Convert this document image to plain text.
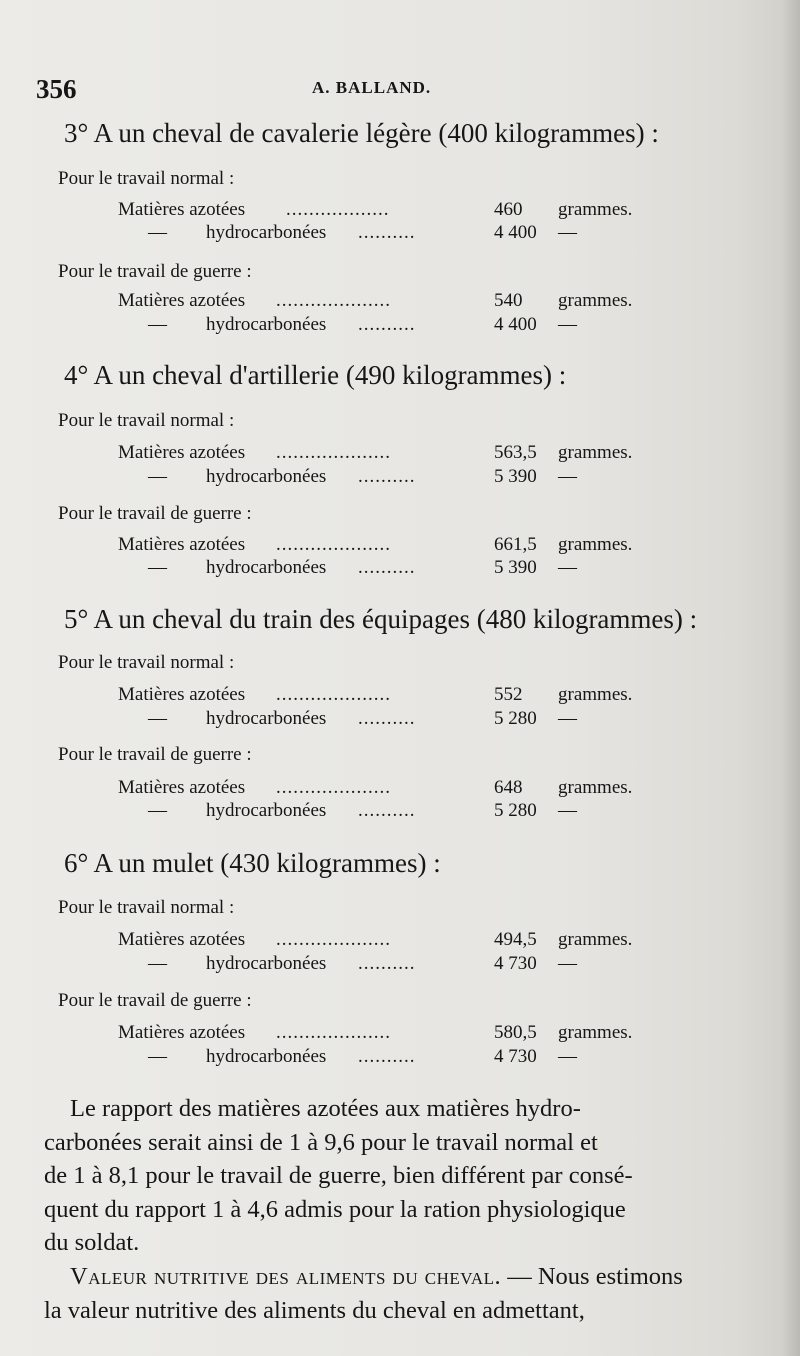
356	A. BALLAND.
3° A un cheval de cavalerie légère (400 kilogrammes) :
Pour le travail normal :
Matières azotées ..................	460 grammes.
— hydrocarbonées ..........	4 400 —
Pour le travail de guerre :
Matières azotées ....................	540 grammes.
— hydrocarbonées ..........	4 400 —
4° A un cheval d'artillerie (490 kilogrammes) :
Pour le travail normal :
Matières azotées ....................	563,5 grammes.
— hydrocarbonées ..........	5 390 —
Pour le travail de guerre :
Matières azotées ....................	661,5 grammes.
— hydrocarbonées ..........	5 390 —
5° A un cheval du train des équipages (480 kilogrammes) :
Pour le travail normal :
Matières azotées ....................	552 grammes.
— hydrocarbonées ..........	5 280 —
Pour le travail de guerre :
Matières azotées ....................	648 grammes.
— hydrocarbonées ..........	5 280 —
6° A un mulet (430 kilogrammes) :
Pour le travail normal :
Matières azotées ....................	494,5 grammes.
— hydrocarbonées ..........	4 730 —
Pour le travail de guerre :
Matières azotées ....................	580,5 grammes.
— hydrocarbonées ..........	4 730 —
Le rapport des matières azotées aux matières hydro-
carbonées serait ainsi de 1 à 9,6 pour le travail normal et
de 1 à 8,1 pour le travail de guerre, bien différent par consé-
quent du rapport 1 à 4,6 admis pour la ration physiologique
du soldat.
Valeur nutritive des aliments du cheval. — Nous estimons
la valeur nutritive des aliments du cheval en admettant,
